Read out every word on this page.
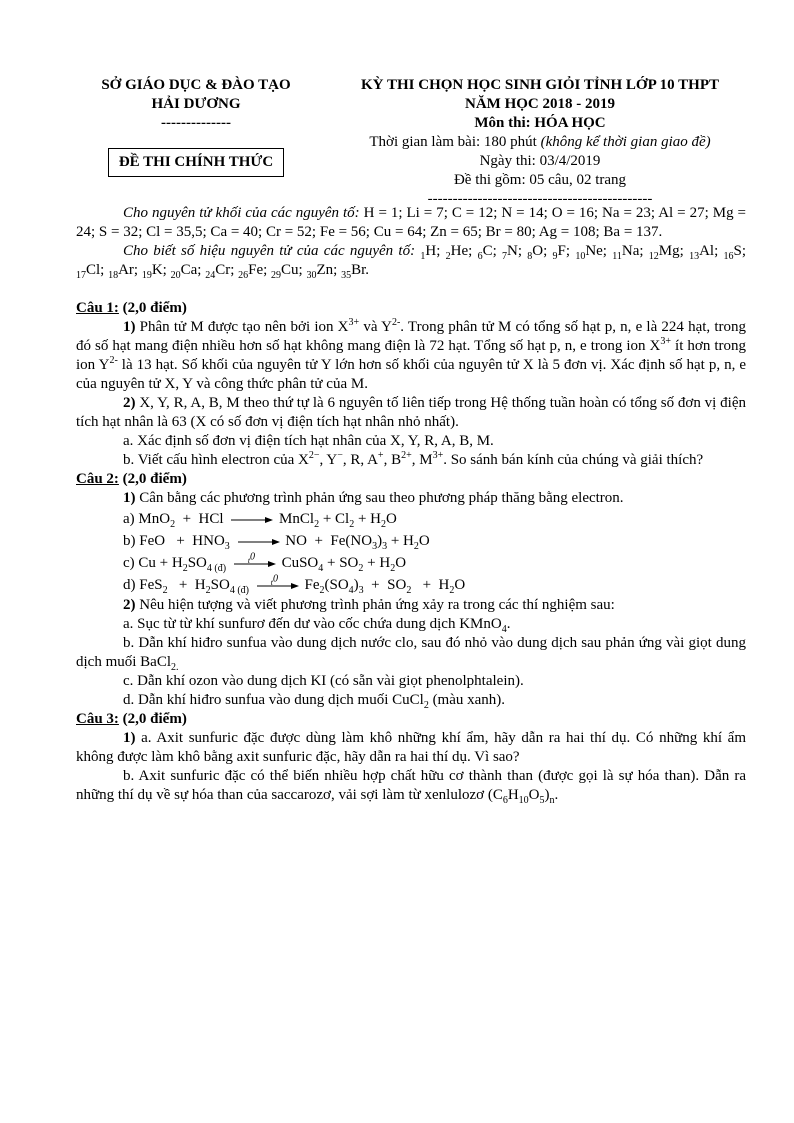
SỞ GIÁO DỤC & ĐÀO TẠO
HẢI DƯƠNG
--------------
ĐỀ THI CHÍNH THỨC
KỲ THI CHỌN HỌC SINH GIỎI TỈNH LỚP 10 THPT
NĂM HỌC 2018 - 2019
Môn thi: HÓA HỌC
Thời gian làm bài: 180 phút (không kể thời gian giao đề)
Ngày thi: 03/4/2019
Đề thi gồm: 05 câu, 02 trang
---------------------------------------------

Cho nguyên tử khối của các nguyên tố: H = 1; Li = 7; C = 12; N = 14; O = 16; Na = 23; Al = 27; Mg = 24; S = 32; Cl = 35,5; Ca = 40; Cr = 52; Fe = 56; Cu = 64; Zn = 65; Br = 80; Ag = 108; Ba = 137.

Cho biết số hiệu nguyên tử của các nguyên tố: $_1$H; $_2$He; $_6$C; $_7$N; $_8$O; $_9$F; $_{10}$Ne; $_{11}$Na; $_{12}$Mg; $_{13}$Al; $_{16}$S; $_{17}$Cl; $_{18}$Ar; $_{19}$K; $_{20}$Ca; $_{24}$Cr; $_{26}$Fe; $_{29}$Cu; $_{30}$Zn; $_{35}$Br.

Câu 1: (2,0 điểm)

1) Phân tử M được tạo nên bởi ion $X^{3+}$ và $Y^{2-}$. Trong phân tử M có tổng số hạt p, n, e là 224 hạt, trong đó số hạt mang điện nhiều hơn số hạt không mang điện là 72 hạt. Tổng số hạt p, n, e trong ion $X^{3+}$ ít hơn trong ion $Y^{2-}$ là 13 hạt. Số khối của nguyên tử Y lớn hơn số khối của nguyên tử X là 5 đơn vị. Xác định số hạt p, n, e của nguyên tử X, Y và công thức phân tử của M.

2) X, Y, R, A, B, M theo thứ tự là 6 nguyên tố liên tiếp trong Hệ thống tuần hoàn có tổng số đơn vị điện tích hạt nhân là 63 (X có số đơn vị điện tích hạt nhân nhỏ nhất).

a. Xác định số đơn vị điện tích hạt nhân của X, Y, R, A, B, M.

b. Viết cấu hình electron của $X^{2-}$, Y−, R, A+, $B^{2+}$, $M^{3+}$. So sánh bán kính của chúng và giải thích?

Câu 2: (2,0 điểm)

1) Cân bằng các phương trình phản ứng sau theo phương pháp thăng bằng electron.

a) MnO$_2$  +  HCl → MnCl$_2$ + $Cl_2 + H_2O$

b) FeO   +  $HNO_3$ → NO  +  $Fe(NO_3)_3 + H_2O$

c) $Cu + H_2SO_{4 (đ)}$
$t^0$ CuSO$_4$ + $SO_2 + H_2O$

d) $FeS_2 + H_2SO_{4 (đ)}$
$t^0$ $Fe_2(SO_4)_3 + SO_2 + H_2O$

2) Nêu hiện tượng và viết phương trình phản ứng xảy ra trong các thí nghiệm sau:

a. Sục từ từ khí sunfurơ đến dư vào cốc chứa dung dịch KMnO$_4$.

b. Dẫn khí hiđro sunfua vào dung dịch nước clo, sau đó nhỏ vào dung dịch sau phản ứng vài giọt dung dịch muối BaCl$_{2.}$

c. Dẫn khí ozon vào dung dịch KI (có sẵn vài giọt phenolphtalein).

d. Dẫn khí hiđro sunfua vào dung dịch muối CuCl$_2$ (màu xanh).

Câu 3: (2,0 điểm)

1) a. Axit sunfuric đặc được dùng làm khô những khí ẩm, hãy dẫn ra hai thí dụ. Có những khí ẩm không được làm khô bằng axit sunfuric đặc, hãy dẫn ra hai thí dụ. Vì sao?

b. Axit sunfuric đặc có thể biến nhiều hợp chất hữu cơ thành than (được gọi là sự hóa than). Dẫn ra những thí dụ về sự hóa than của saccarozơ, vải sợi làm từ xenlulozơ $(C_6H_{10}O_5)_n$.
